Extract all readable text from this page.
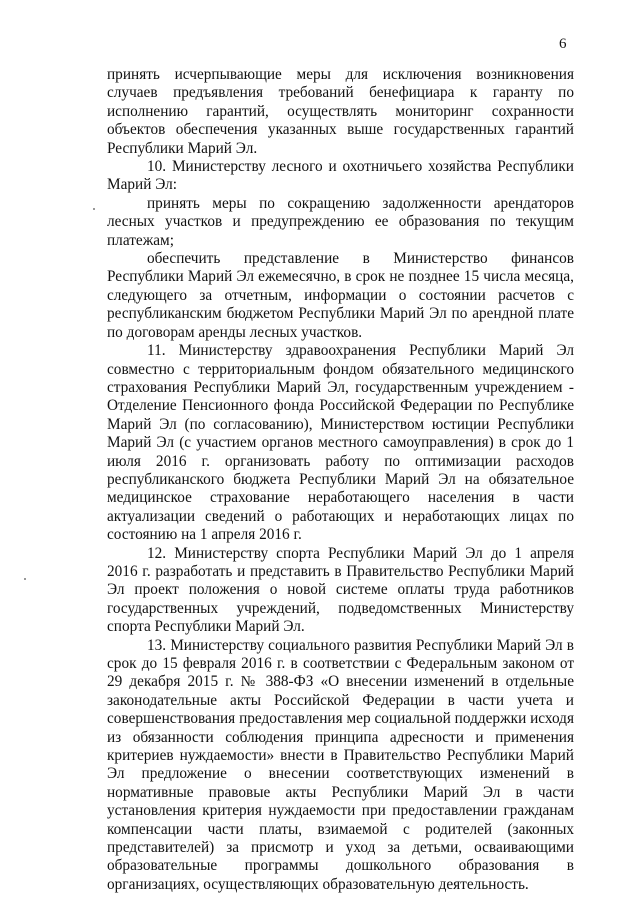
6

принять исчерпывающие меры для исключения возникновения случаев предъявления требований бенефициара к гаранту по исполнению гарантий, осуществлять мониторинг сохранности объектов обеспечения указанных выше государственных гарантий Республики Марий Эл.

10. Министерству лесного и охотничьего хозяйства Республики Марий Эл:

принять меры по сокращению задолженности арендаторов лесных участков и предупреждению ее образования по текущим платежам;

обеспечить представление в Министерство финансов Республики Марий Эл ежемесячно, в срок не позднее 15 числа месяца, следующего за отчетным, информации о состоянии расчетов с республиканским бюджетом Республики Марий Эл по арендной плате по договорам аренды лесных участков.

11. Министерству здравоохранения Республики Марий Эл совместно с территориальным фондом обязательного медицинского страхования Республики Марий Эл, государственным учреждением - Отделение Пенсионного фонда Российской Федерации по Республике Марий Эл (по согласованию), Министерством юстиции Республики Марий Эл (с участием органов местного самоуправления) в срок до 1 июля 2016 г. организовать работу по оптимизации расходов республиканского бюджета Республики Марий Эл на обязательное медицинское страхование неработающего населения в части актуализации сведений о работающих и неработающих лицах по состоянию на 1 апреля 2016 г.

12. Министерству спорта Республики Марий Эл до 1 апреля 2016 г. разработать и представить в Правительство Республики Марий Эл проект положения о новой системе оплаты труда работников государственных учреждений, подведомственных Министерству спорта Республики Марий Эл.

13. Министерству социального развития Республики Марий Эл в срок до 15 февраля 2016 г. в соответствии с Федеральным законом от 29 декабря 2015 г. № 388-ФЗ «О внесении изменений в отдельные законодательные акты Российской Федерации в части учета и совершенствования предоставления мер социальной поддержки исходя из обязанности соблюдения принципа адресности и применения критериев нуждаемости» внести в Правительство Республики Марий Эл предложение о внесении соответствующих изменений в нормативные правовые акты Республики Марий Эл в части установления критерия нуждаемости при предоставлении гражданам компенсации части платы, взимаемой с родителей (законных представителей) за присмотр и уход за детьми, осваивающими образовательные программы дошкольного образования в организациях, осуществляющих образовательную деятельность.
